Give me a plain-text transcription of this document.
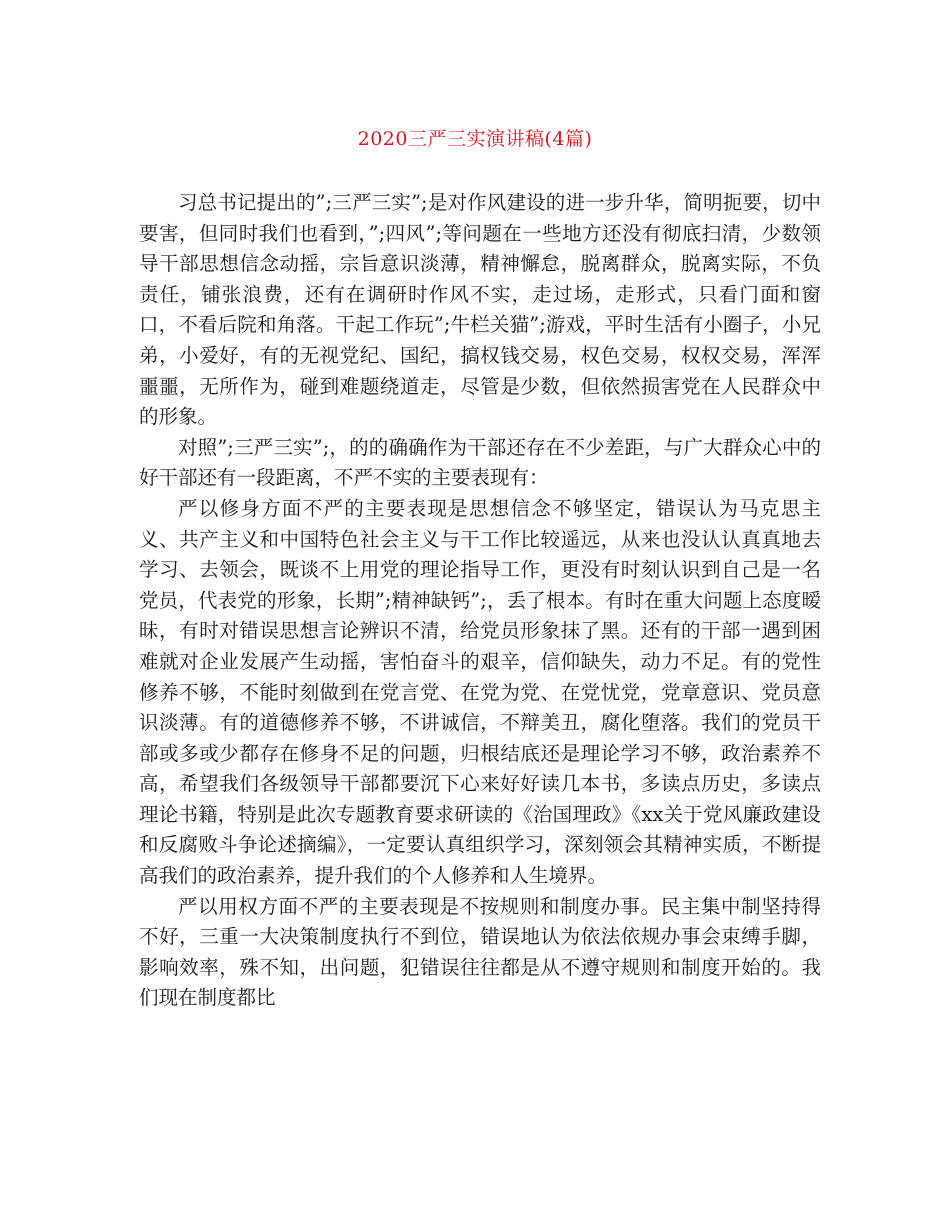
2020三严三实演讲稿(4篇)

习总书记提出的”;三严三实”;是对作风建设的进一步升华，简明扼要，切中要害，但同时我们也看到，”;四风”;等问题在一些地方还没有彻底扫清，少数领导干部思想信念动摇，宗旨意识淡薄，精神懈怠，脱离群众，脱离实际，不负责任，铺张浪费，还有在调研时作风不实，走过场，走形式，只看门面和窗口，不看后院和角落。干起工作玩”;牛栏关猫”;游戏，平时生活有小圈子，小兄弟，小爱好，有的无视党纪、国纪，搞权钱交易，权色交易，权权交易，浑浑噩噩，无所作为，碰到难题绕道走，尽管是少数，但依然损害党在人民群众中的形象。

对照”;三严三实”;，的的确确作为干部还存在不少差距，与广大群众心中的好干部还有一段距离，不严不实的主要表现有：

严以修身方面不严的主要表现是思想信念不够坚定，错误认为马克思主义、共产主义和中国特色社会主义与干工作比较遥远，从来也没认认真真地去学习、去领会，既谈不上用党的理论指导工作，更没有时刻认识到自己是一名党员，代表党的形象，长期”;精神缺钙”;，丢了根本。有时在重大问题上态度暧昧，有时对错误思想言论辨识不清，给党员形象抹了黑。还有的干部一遇到困难就对企业发展产生动摇，害怕奋斗的艰辛，信仰缺失，动力不足。有的党性修养不够，不能时刻做到在党言党、在党为党、在党忧党，党章意识、党员意识淡薄。有的道德修养不够，不讲诚信，不辩美丑，腐化堕落。我们的党员干部或多或少都存在修身不足的问题，归根结底还是理论学习不够，政治素养不高，希望我们各级领导干部都要沉下心来好好读几本书，多读点历史，多读点理论书籍，特别是此次专题教育要求研读的《治国理政》《xx关于党风廉政建设和反腐败斗争论述摘编》，一定要认真组织学习，深刻领会其精神实质，不断提高我们的政治素养，提升我们的个人修养和人生境界。

严以用权方面不严的主要表现是不按规则和制度办事。民主集中制坚持得不好，三重一大决策制度执行不到位，错误地认为依法依规办事会束缚手脚，影响效率，殊不知，出问题，犯错误往往都是从不遵守规则和制度开始的。我们现在制度都比
